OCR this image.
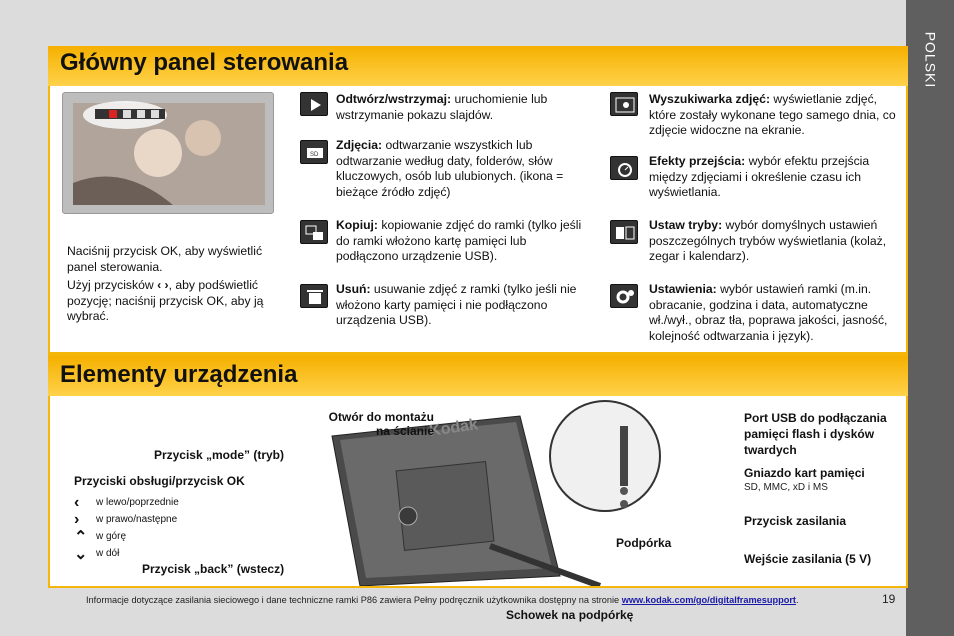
POLSKI
Główny panel sterowania
Naciśnij przycisk OK, aby wyświetlić panel sterowania.
Użyj przycisków ‹ ›, aby podświetlić pozycję; naciśnij przycisk OK, aby ją wybrać.
Odtwórz/wstrzymaj: uruchomienie lub wstrzymanie pokazu slajdów.
SD
Zdjęcia: odtwarzanie wszystkich lub odtwarzanie według daty, folderów, słów kluczowych, osób lub ulubionych. (ikona = bieżące źródło zdjęć)
Kopiuj: kopiowanie zdjęć do ramki (tylko jeśli do ramki włożono kartę pamięci lub podłączono urządzenie USB).
Usuń: usuwanie zdjęć z ramki (tylko jeśli nie włożono karty pamięci i nie podłączono urządzenia USB).
Wyszukiwarka zdjęć: wyświetlanie zdjęć, które zostały wykonane tego samego dnia, co zdjęcie widoczne na ekranie.
Efekty przejścia: wybór efektu przejścia między zdjęciami i określenie czasu ich wyświetlania.
Ustaw tryby: wybór domyślnych ustawień poszczególnych trybów wyświetlania (kolaż, zegar i kalendarz).
Ustawienia: wybór ustawień ramki (m.in. obracanie, godzina i data, automatyczne wł./wył., obraz tła, poprawa jakości, jasność, kolejność odtwarzania i język).
Elementy urządzenia
Kodak
Otwór do montażu
na ścianie
Przycisk „mode” (tryb)
Przyciski obsługi/przycisk OK
‹	w lewo/poprzednie
›	w prawo/następne
⌃ w górę
⌄ w dół
Przycisk „back” (wstecz)
Schowek na podpórkę
Podpórka
Port USB do podłączania pamięci flash i dysków twardych
Gniazdo kart pamięci
SD, MMC, xD i MS
Przycisk zasilania
Wejście zasilania (5 V)
Informacje dotyczące zasilania sieciowego i dane techniczne ramki P86 zawiera Pełny podręcznik użytkownika dostępny na stronie www.kodak.com/go/digitalframesupport.	19
